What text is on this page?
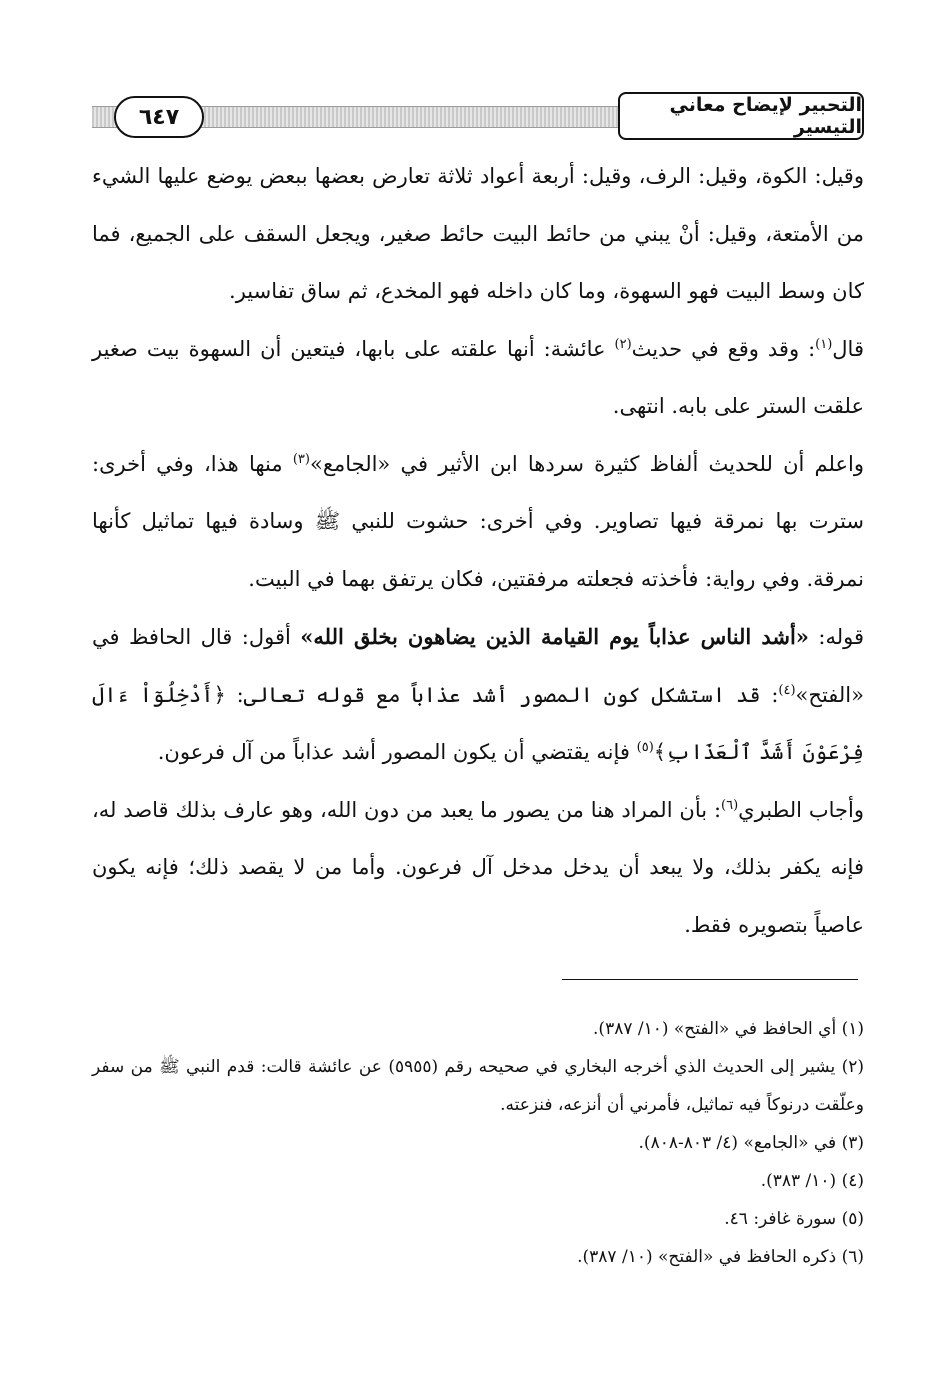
٦٤٧	التحبير لإيضاح معاني التيسير

وقيل: الكوة، وقيل: الرف، وقيل: أربعة أعواد ثلاثة تعارض بعضها ببعض يوضع عليها الشيء من الأمتعة، وقيل: أنْ يبني من حائط البيت حائط صغير، ويجعل السقف على الجميع، فما كان وسط البيت فهو السهوة، وما كان داخله فهو المخدع، ثم ساق تفاسير.

قال$^{(١)}$: وقد وقع في حديث$^{(٢)}$ عائشة: أنها علقته على بابها، فيتعين أن السهوة بيت صغير علقت الستر على بابه. انتهى.

واعلم أن للحديث ألفاظ كثيرة سردها ابن الأثير في «الجامع»$^{(٣)}$ منها هذا، وفي أخرى: سترت بها نمرقة فيها تصاوير. وفي أخرى: حشوت للنبي ﷺ وسادة فيها تماثيل كأنها نمرقة. وفي رواية: فأخذته فجعلته مرفقتين، فكان يرتفق بهما في البيت.

قوله: «أشد الناس عذاباً يوم القيامة الذين يضاهون بخلق الله» أقول: قال الحافظ في «الفتح»$^{(٤)}$: قد استشكل كون المصور أشد عذاباً مع قوله تعالى: ﴿أَدْخِلُوٓاْ ءَالَ فِرْعَوْنَ أَشَدَّ ٱلْعَذَابِ﴾$^{(٥)}$ فإنه يقتضي أن يكون المصور أشد عذاباً من آل فرعون.

وأجاب الطبري$^{(٦)}$: بأن المراد هنا من يصور ما يعبد من دون الله، وهو عارف بذلك قاصد له، فإنه يكفر بذلك، ولا يبعد أن يدخل مدخل آل فرعون. وأما من لا يقصد ذلك؛ فإنه يكون عاصياً بتصويره فقط.

(١) أي الحافظ في «الفتح» (١٠/ ٣٨٧).

(٢) يشير إلى الحديث الذي أخرجه البخاري في صحيحه رقم (٥٩٥٥) عن عائشة قالت: قدم النبي ﷺ من سفر وعلّقت درنوكاً فيه تماثيل، فأمرني أن أنزعه، فنزعته.

(٣) في «الجامع» (٤/ ٨٠٣-٨٠٨).

(٤) (١٠/ ٣٨٣).

(٥) سورة غافر: ٤٦.

(٦) ذكره الحافظ في «الفتح» (١٠/ ٣٨٧).
